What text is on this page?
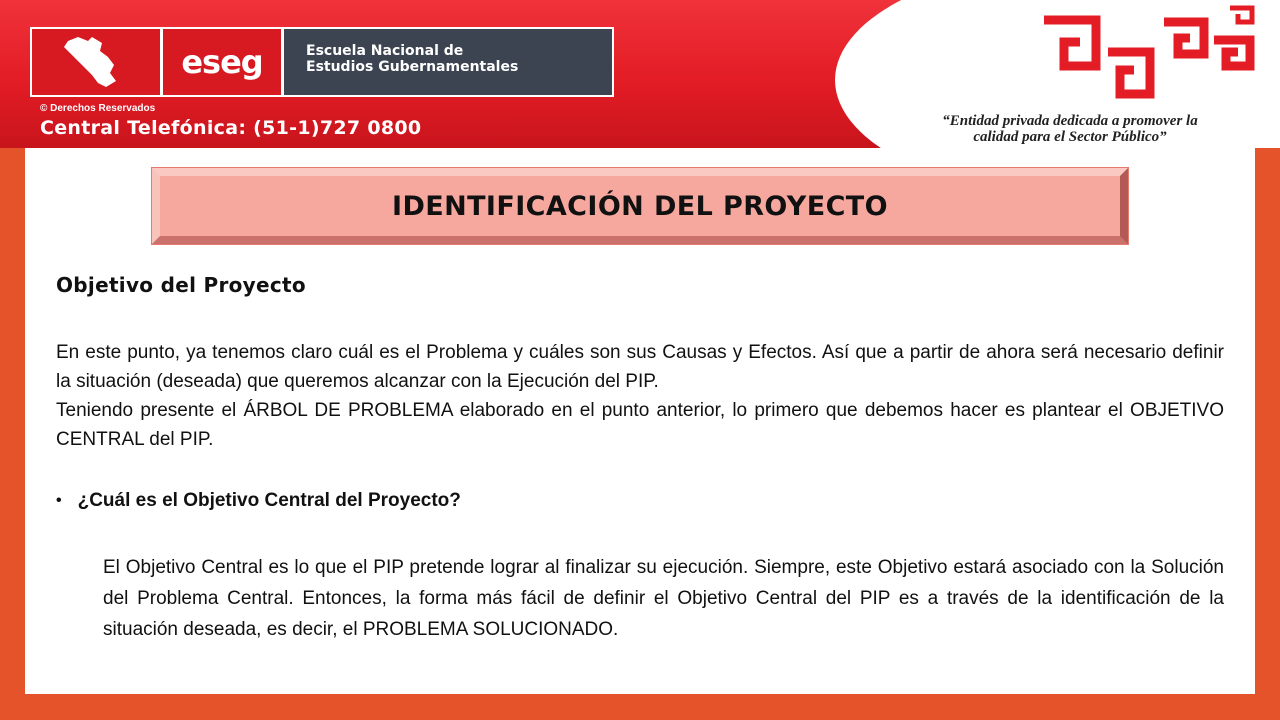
eseg	Escuela Nacional de
Estudios Gubernamentales
© Derechos Reservados
Central Telefónica: (51-1)727 0800	“Entidad privada dedicada a promover la
calidad para el Sector Público”
IDENTIFICACIÓN DEL PROYECTO
Objetivo del Proyecto

En este punto, ya tenemos claro cuál es el Problema y cuáles son sus Causas y Efectos. Así que a partir de ahora será necesario definir la situación (deseada) que queremos alcanzar con la Ejecución del PIP.

Teniendo presente el ÁRBOL DE PROBLEMA elaborado en el punto anterior, lo primero que debemos hacer es plantear el OBJETIVO CENTRAL del PIP.

• ¿Cuál es el Objetivo Central del Proyecto?

El Objetivo Central es lo que el PIP pretende lograr al finalizar su ejecución. Siempre, este Objetivo estará asociado con la Solución del Problema Central. Entonces, la forma más fácil de definir el Objetivo Central del PIP es a través de la identificación de la situación deseada, es decir, el PROBLEMA SOLUCIONADO.
